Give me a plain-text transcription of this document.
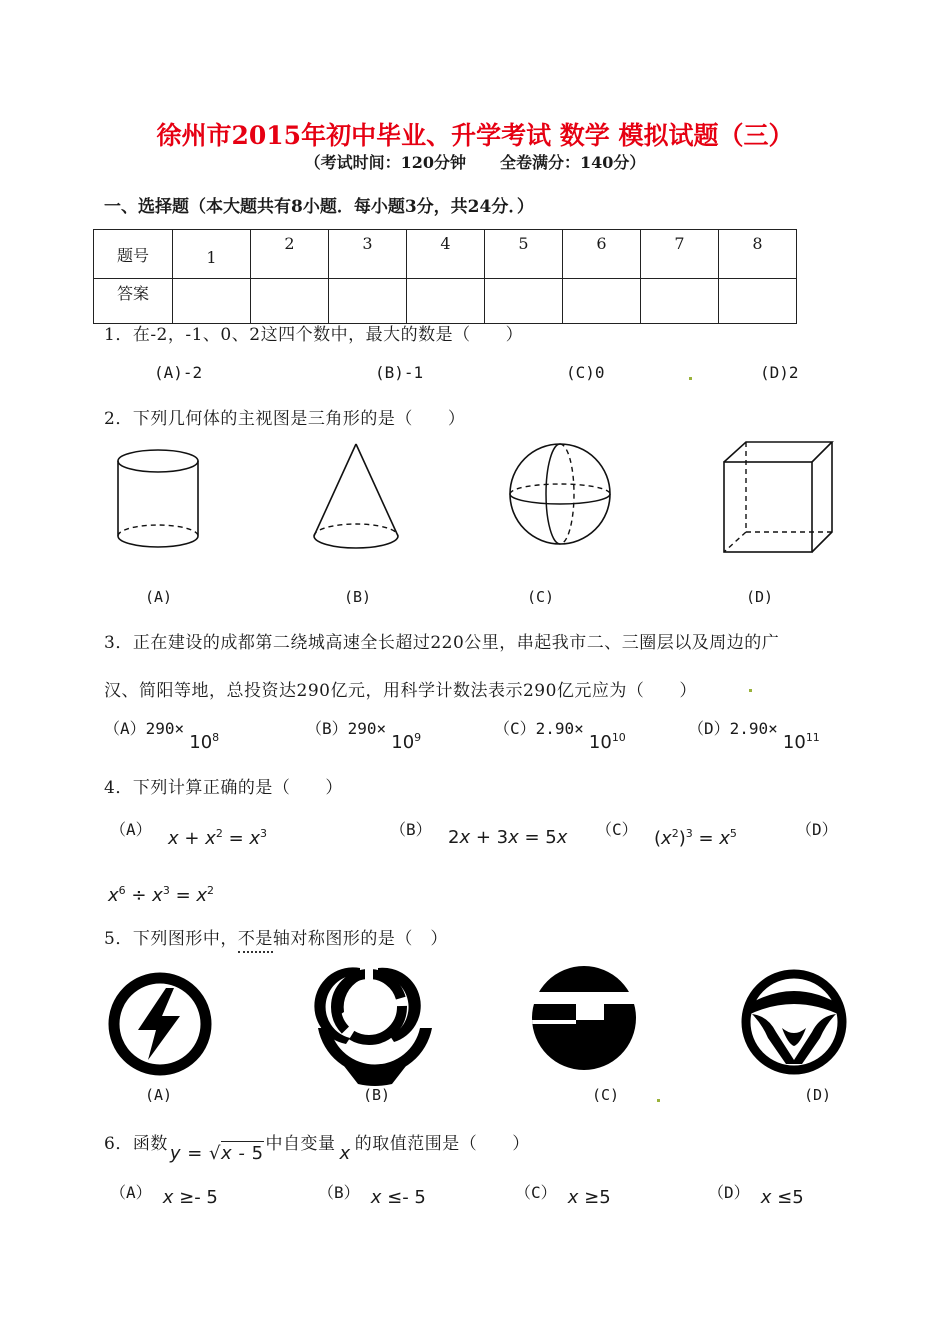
徐州市2015年初中毕业、升学考试 数学 模拟试题（三）
（考试时间：120分钟 全卷满分：140分）
一、选择题（本大题共有8小题．每小题3分，共24分．）
题号	1	2	3	4	5	6	7	8
答案								
1．在-2，-1、0、2这四个数中，最大的数是（　　）
(A)-2	(B)-1	(C)0	(D)2
2．下列几何体的主视图是三角形的是（　　）
(A)	(B)	(C)	(D)
3．正在建设的成都第二绕城高速全长超过220公里，串起我市二、三圈层以及周边的广
汉、简阳等地，总投资达290亿元，用科学计数法表示290亿元应为（　　）
$(A)290\times 10^8$	$(B)290\times 10^9$	$(C)2.90\times 10^{10}$	$(D)2.90\times 10^{11}$
4．下列计算正确的是（　　）
（A） $x + x^2 = x^3$	（B） 2x + 3x = 5x （C） $(x^2)^3 = x^5$	（D）
$x^6 \div x^3 = x^2$
5．下列图形中，不是轴对称图形的是（　）
(A)	(B)	(C)	(D)
6．函数 y = √x - 5 中自变量 x 的取值范围是（　　）
（A） x ≥- 5	（B） x ≤- 5	（C） x ≥5	（D） x ≤5
